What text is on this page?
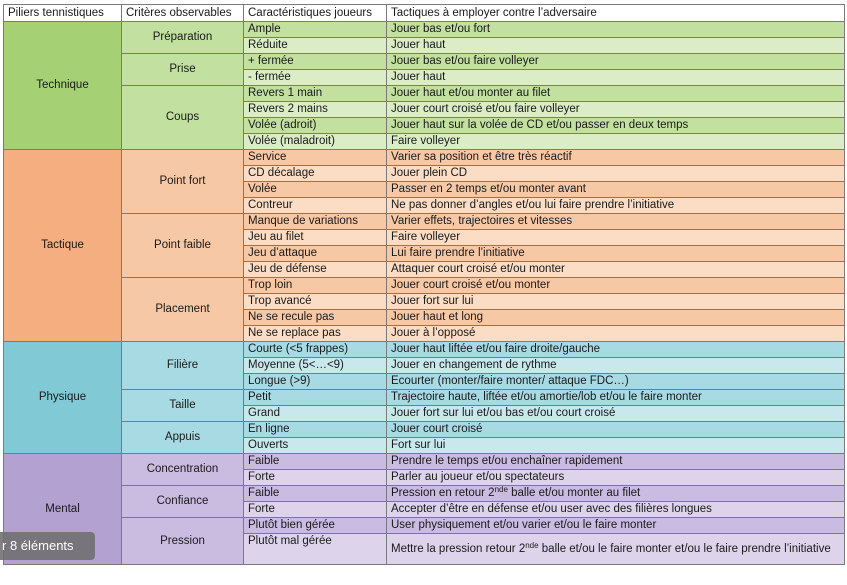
Piliers tennistiques	Critères observables	Caractéristiques joueurs	Tactiques à employer contre l’adversaire
Technique	Préparation	Ample	Jouer bas et/ou fort
		Réduite	Jouer haut
	Prise	+ fermée	Jouer bas et/ou faire volleyer
		- fermée	Jouer haut
	Coups	Revers 1 main	Jouer haut et/ou monter au filet
		Revers 2 mains	Jouer court croisé et/ou faire volleyer
		Volée (adroit)	Jouer haut sur la volée de CD et/ou passer en deux temps
		Volée (maladroit)	Faire volleyer
Tactique	Point fort	Service	Varier sa position et être très réactif
		CD décalage	Jouer plein CD
		Volée	Passer en 2 temps et/ou monter avant
		Contreur	Ne pas donner d’angles et/ou lui faire prendre l’initiative
	Point faible	Manque de variations	Varier effets, trajectoires et vitesses
		Jeu au filet	Faire volleyer
		Jeu d’attaque	Lui faire prendre l’initiative
		Jeu de défense	Attaquer court croisé et/ou monter
	Placement	Trop loin	Jouer court croisé et/ou monter
		Trop avancé	Jouer fort sur lui
		Ne se recule pas	Jouer haut et long
		Ne se replace pas	Jouer à l’opposé
Physique	Filière	Courte (<5 frappes)	Jouer haut liftée et/ou faire droite/gauche
		Moyenne (5<…<9)	Jouer en changement de rythme
		Longue (>9)	Ecourter (monter/faire monter/ attaque FDC…)
	Taille	Petit	Trajectoire haute, liftée et/ou amortie/lob et/ou le faire monter
		Grand	Jouer fort sur lui et/ou bas et/ou court croisé
	Appuis	En ligne	Jouer court croisé
		Ouverts	Fort sur lui
Mental	Concentration	Faible	Prendre le temps et/ou enchaîner rapidement
		Forte	Parler au joueur et/ou spectateurs
	Confiance	Faible	Pression en retour 2nde balle et/ou monter au filet
		Forte	Accepter d’être en défense et/ou user avec des filières longues
	Pression	Plutôt bien gérée	User physiquement et/ou varier et/ou le faire monter
		Plutôt mal gérée	Mettre la pression retour 2nde balle et/ou le faire monter et/ou le faire prendre l’initiative
r 8 éléments
